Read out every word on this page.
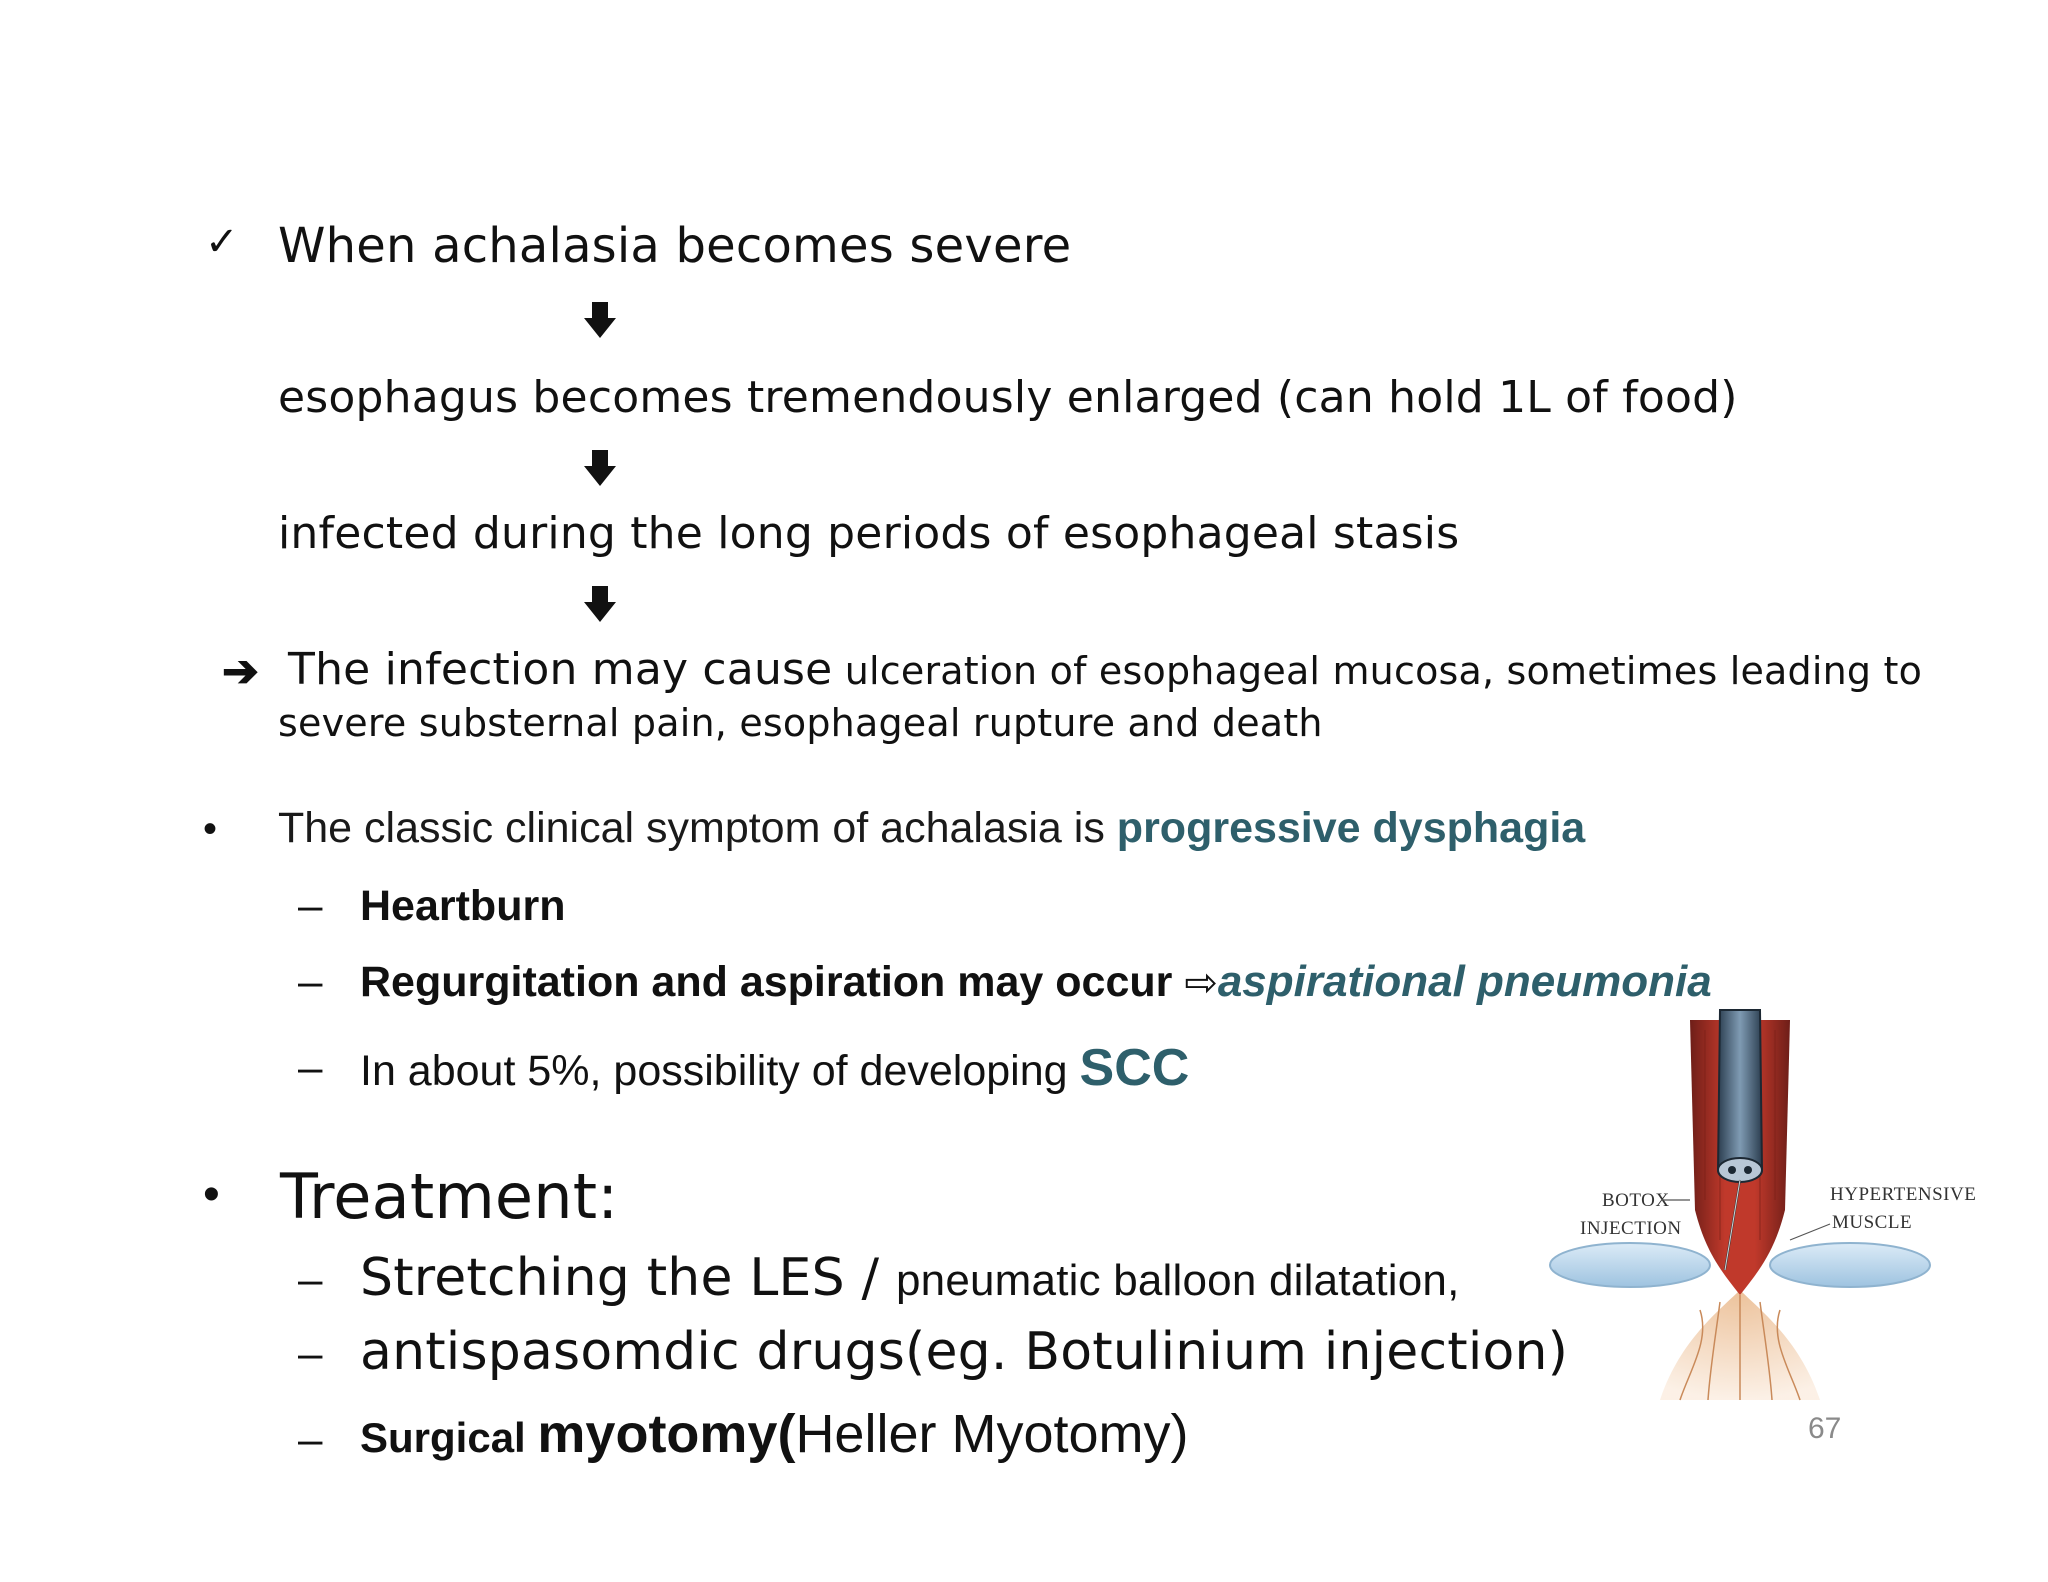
✓ When achalasia becomes severe
esophagus becomes tremendously enlarged (can hold 1L of food)
infected during the long periods of esophageal stasis
➔ The infection may cause ulceration of esophageal mucosa, sometimes leading to
severe substernal pain, esophageal rupture and death
• The classic clinical symptom of achalasia is progressive dysphagia
– Heartburn
– Regurgitation and aspiration may occur ⇨aspirational pneumonia
– In about 5%, possibility of developing SCC
• Treatment:
– Stretching the LES / pneumatic balloon dilatation,
– antispasomdic drugs(eg. Botulinium injection)
– Surgical myotomy(Heller Myotomy)
BOTOX
INJECTION
HYPERTENSIVE
MUSCLE
67
